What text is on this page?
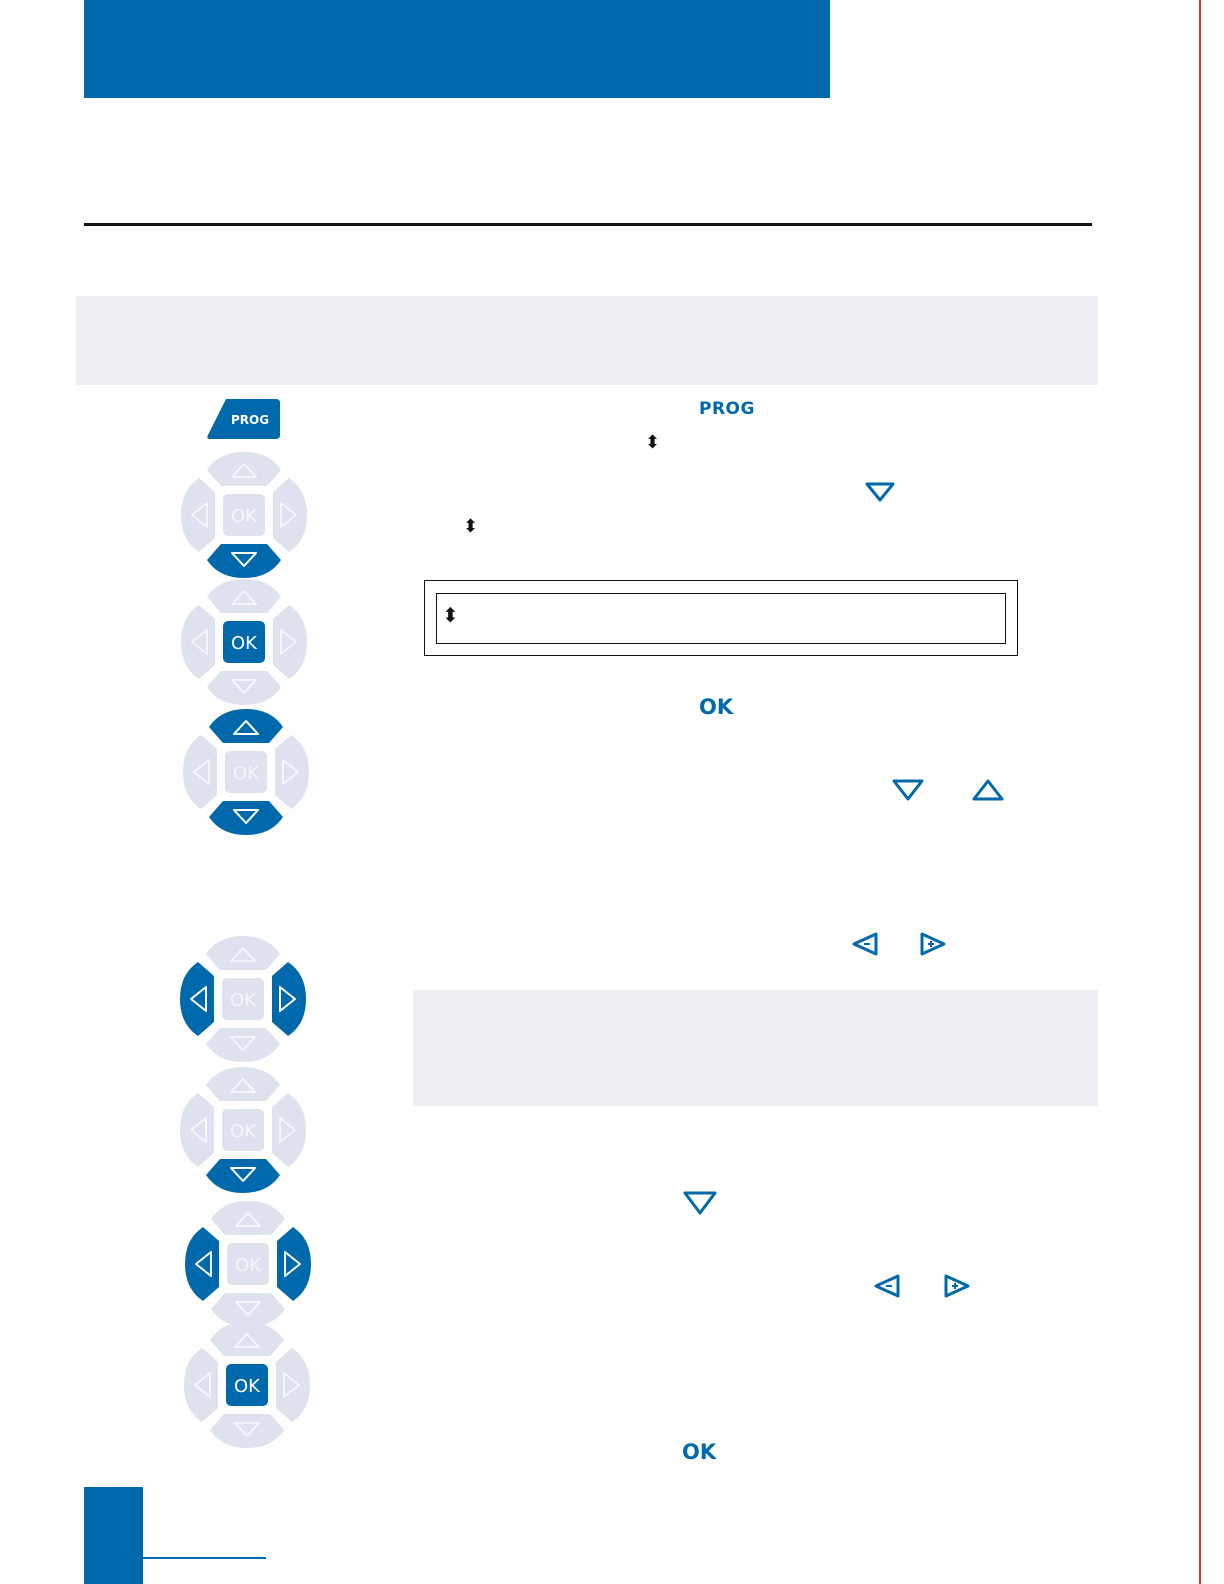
PROG
PROG
⬍
⬍
⬍
OK
OK
OK
OK
OK
OK
OK
OK
OK
